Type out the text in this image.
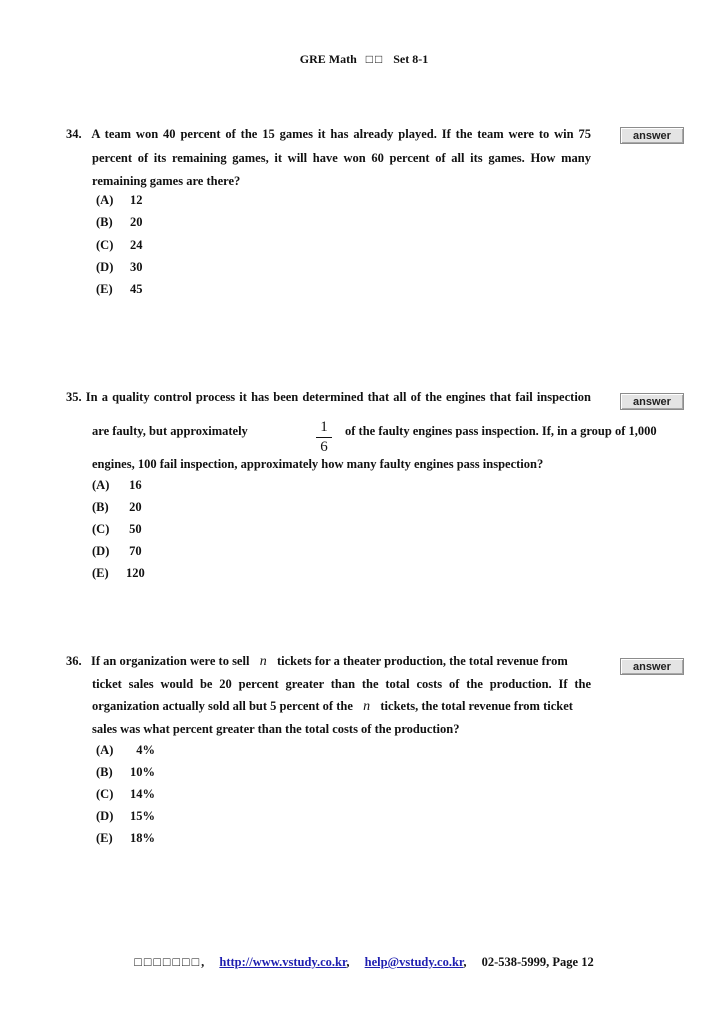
GRE Math □□ Set 8-1
34. A team won 40 percent of the 15 games it has already played. If the team were to win 75
percent of its remaining games, it will have won 60 percent of all its games. How many
remaining games are there?
(A) 12
(B) 20
(C) 24
(D) 30
(E) 45
answer
35. In a quality control process it has been determined that all of the engines that fail inspection
are faulty, but approximately	1
6
of the faulty engines pass inspection. If, in a group of 1,000
engines, 100 fail inspection, approximately how many faulty engines pass inspection?
(A) 16
(B) 20
(C) 50
(D) 70
(E) 120
answer
36. If an organization were to sell n tickets for a theater production, the total revenue from
ticket sales would be 20 percent greater than the total costs of the production. If the
organization actually sold all but 5 percent of the n tickets, the total revenue from ticket
sales was what percent greater than the total costs of the production?
(A) 4%
(B) 10%
(C) 14%
(D) 15%
(E) 18%
answer
□□□□□□□, http://www.vstudy.co.kr, help@vstudy.co.kr, 02-538-5999, Page 12
